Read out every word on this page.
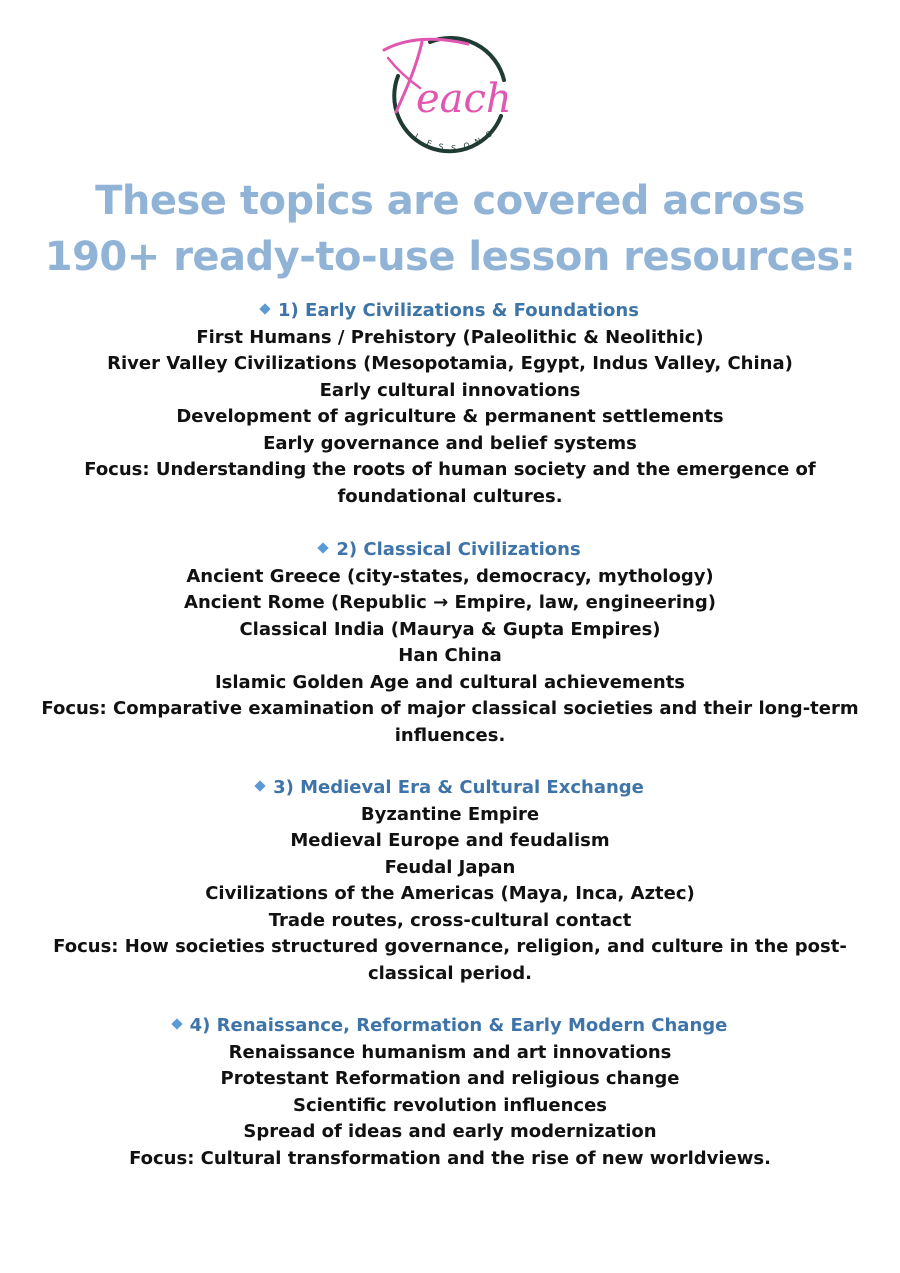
each
L
E S S O N
S
These topics are covered across
190+ ready-to-use lesson resources:
1) Early Civilizations & Foundations
First Humans / Prehistory (Paleolithic & Neolithic)
River Valley Civilizations (Mesopotamia, Egypt, Indus Valley, China)
Early cultural innovations
Development of agriculture & permanent settlements
Early governance and belief systems
Focus: Understanding the roots of human society and the emergence of
foundational cultures.
2) Classical Civilizations
Ancient Greece (city-states, democracy, mythology)
Ancient Rome (Republic → Empire, law, engineering)
Classical India (Maurya & Gupta Empires)
Han China
Islamic Golden Age and cultural achievements
Focus: Comparative examination of major classical societies and their long-term
influences.
3) Medieval Era & Cultural Exchange
Byzantine Empire
Medieval Europe and feudalism
Feudal Japan
Civilizations of the Americas (Maya, Inca, Aztec)
Trade routes, cross-cultural contact
Focus: How societies structured governance, religion, and culture in the post-
classical period.
4) Renaissance, Reformation & Early Modern Change
Renaissance humanism and art innovations
Protestant Reformation and religious change
Scientific revolution influences
Spread of ideas and early modernization
Focus: Cultural transformation and the rise of new worldviews.
